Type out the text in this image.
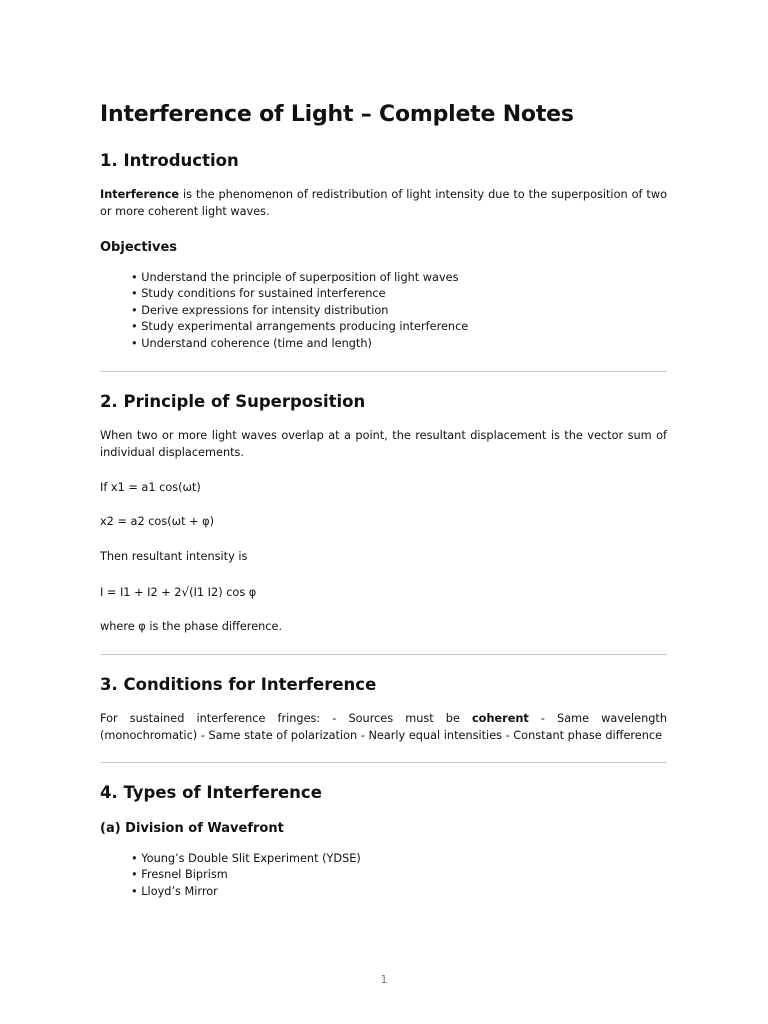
Interference of Light – Complete Notes
1. Introduction

Interference is the phenomenon of redistribution of light intensity due to the superposition of two or more coherent light waves.

Objectives
• Understand the principle of superposition of light waves
• Study conditions for sustained interference
• Derive expressions for intensity distribution
• Study experimental arrangements producing interference
• Understand coherence (time and length)
2. Principle of Superposition

When two or more light waves overlap at a point, the resultant displacement is the vector sum of individual displacements.

If x1 = a1 cos(ωt)

x2 = a2 cos(ωt + φ)

Then resultant intensity is

I = I1 + I2 + 2√(I1 I2) cos φ

where φ is the phase difference.

3. Conditions for Interference

For sustained interference fringes: - Sources must be coherent - Same wavelength (monochromatic) - Same state of polarization - Nearly equal intensities - Constant phase difference

4. Types of Interference
(a) Division of Wavefront
• Young’s Double Slit Experiment (YDSE)
• Fresnel Biprism
• Lloyd’s Mirror
1
